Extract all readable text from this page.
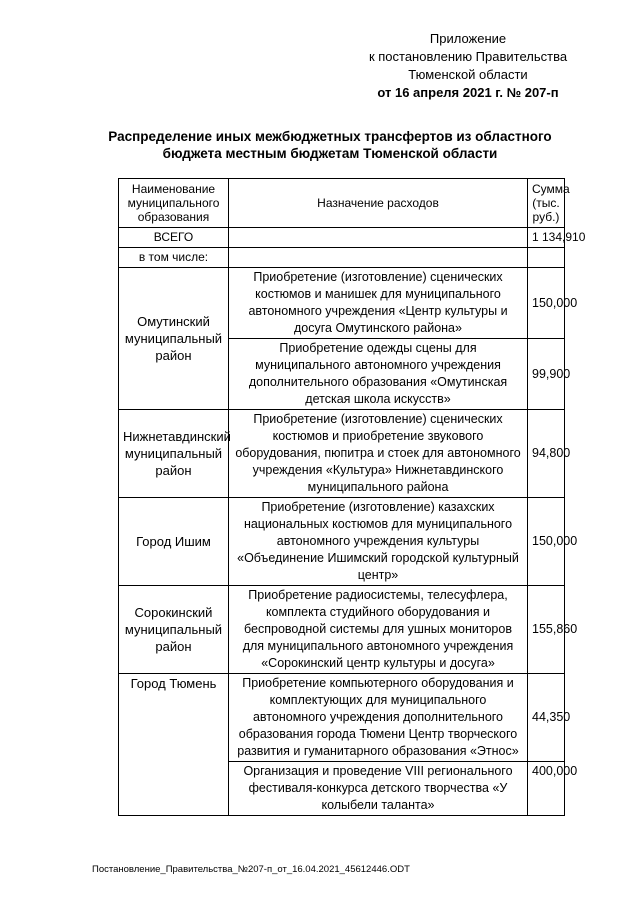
Приложение
к постановлению Правительства
Тюменской области
от 16 апреля 2021 г. № 207-п
Распределение иных межбюджетных трансфертов из областного
бюджета местным бюджетам Тюменской области
Наименование муниципального образования	Назначение расходов	Сумма (тыс. руб.)
ВСЕГО		1 134,910
в том числе:		
Омутинский муниципальный район	Приобретение (изготовление) сценических костюмов и манишек для муниципального автономного учреждения «Центр культуры и досуга Омутинского района»	150,000
	Приобретение одежды сцены для муниципального автономного учреждения дополнительного образования «Омутинская детская школа искусств»	99,900
Нижнетавдинский муниципальный район	Приобретение (изготовление) сценических костюмов и приобретение звукового оборудования, пюпитра и стоек для автономного учреждения «Культура» Нижнетавдинского муниципального района	94,800
Город Ишим	Приобретение (изготовление) казахских национальных костюмов для муниципального автономного учреждения культуры «Объединение Ишимский городской культурный центр»	150,000
Сорокинский муниципальный район	Приобретение радиосистемы, телесуфлера, комплекта студийного оборудования и беспроводной системы для ушных мониторов для муниципального автономного учреждения «Сорокинский центр культуры и досуга»	155,860
Город Тюмень	Приобретение компьютерного оборудования и комплектующих для муниципального автономного учреждения дополнительного образования города Тюмени Центр творческого развития и гуманитарного образования «Этнос»	44,350
	Организация и проведение VIII регионального фестиваля-конкурса детского творчества «У колыбели таланта»	400,000
Постановление_Правительства_№207-п_от_16.04.2021_45612446.ODT
